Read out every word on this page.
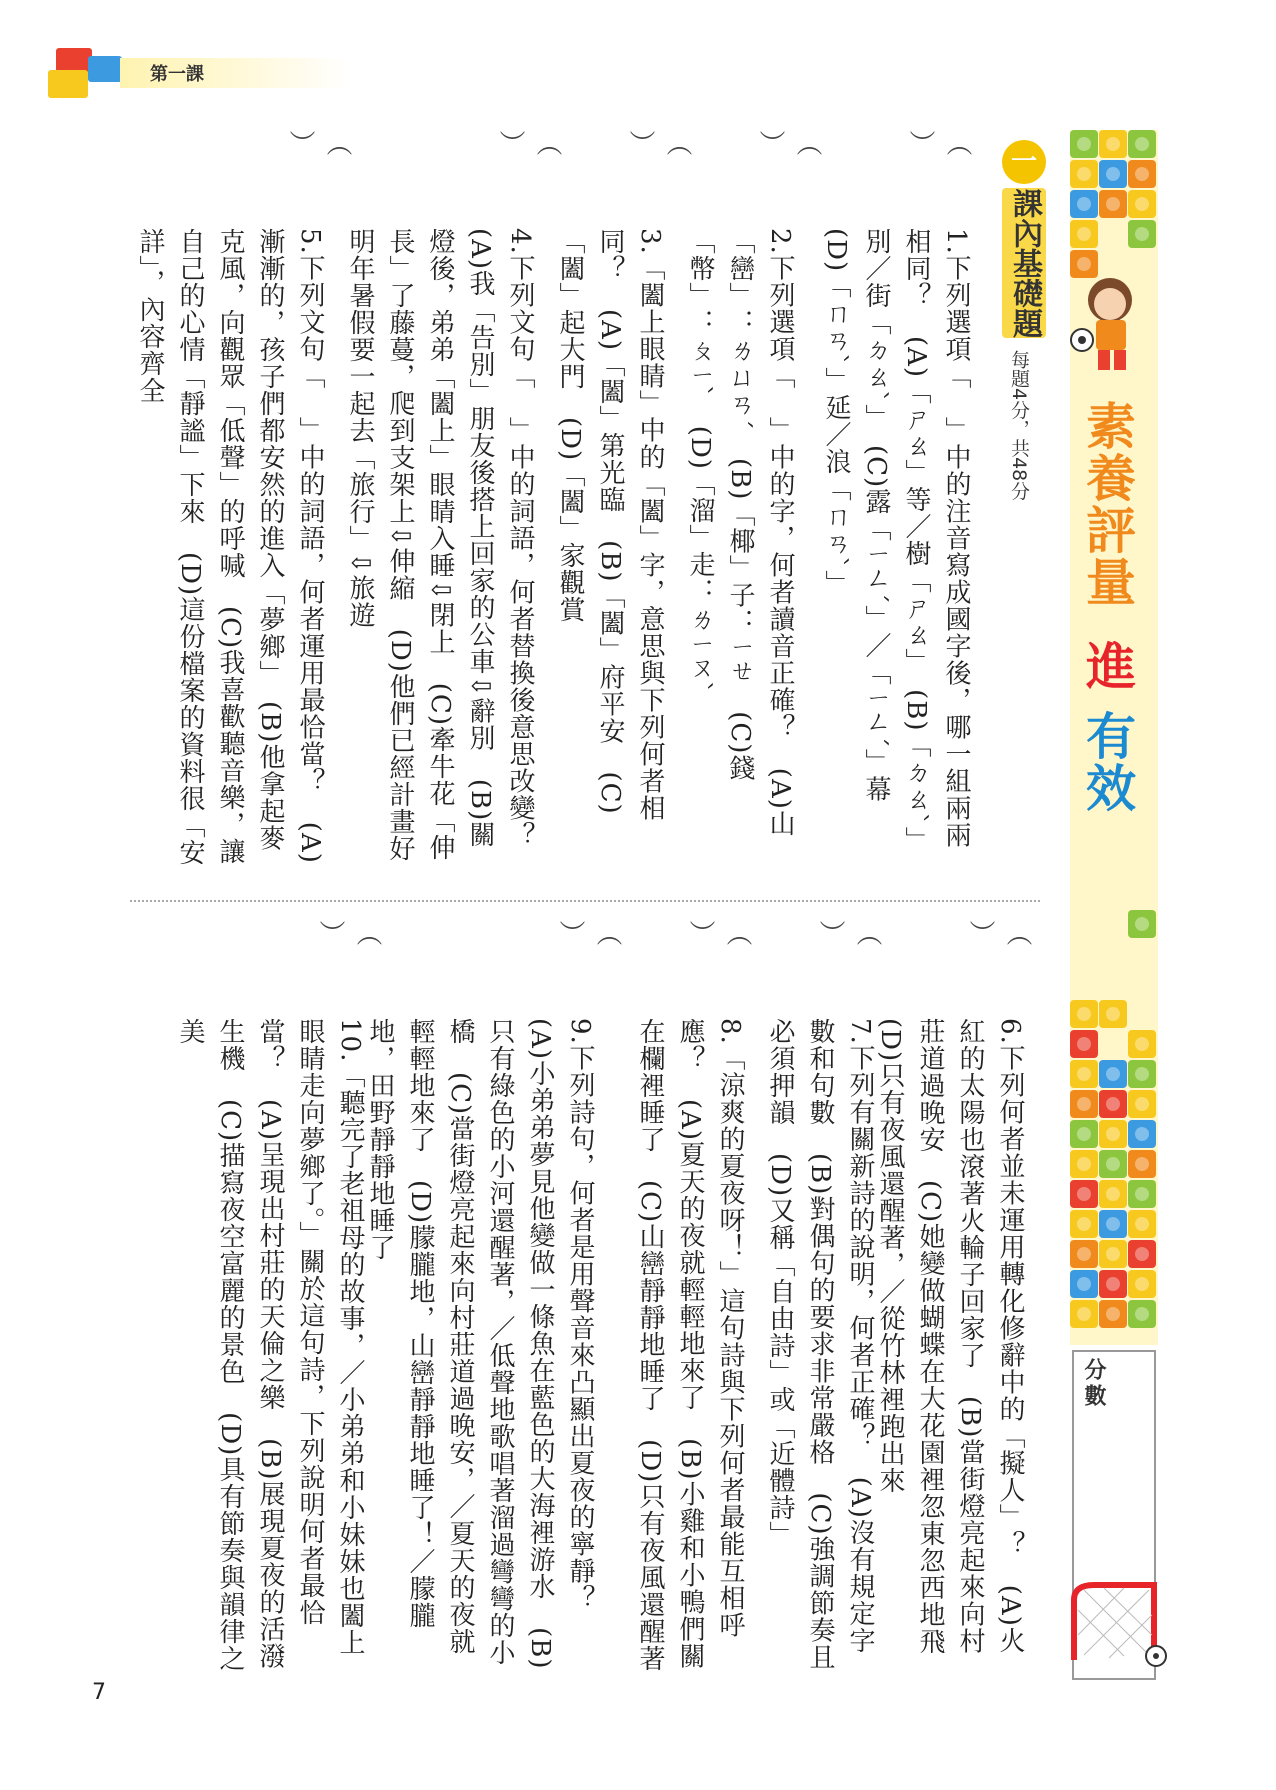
第一課
素養評量
進
有效
分數
一
課內基礎題
每題4分，共48分
︵
︶
︵
︶
︵
︶
︵
︶
︵
︶
1.下列選項「　」中的注音寫成國字後，哪一組兩兩相同？　(A)「ㄕㄠ」等／樹「ㄕㄠ」　(B)「ㄉㄠˋ」別／街「ㄉㄠˋ」　(C)露「ㄧㄥˊ」／「ㄧㄥˊ」幕　(D)「ㄇㄢˋ」延／浪「ㄇㄢˋ」
2.下列選項「　」中的字，何者讀音正確？　(A)山「巒」：ㄌㄩㄢˊ　(B)「椰」子：ㄧㄝ　(C)錢「幣」：ㄆㄧˋ　(D)「溜」走：ㄌㄧㄡˋ
3.「闔上眼睛」中的「闔」字，意思與下列何者相同？　(A)「闔」第光臨　(B)「闔」府平安　(C)「闔」起大門　(D)「闔」家觀賞
4.下列文句「　」中的詞語，何者替換後意思改變？　(A)我「告別」朋友後搭上回家的公車⇩辭別　(B)關燈後，弟弟「闔上」眼睛入睡⇩閉上　(C)牽牛花「伸長」了藤蔓，爬到支架上⇩伸縮　(D)他們已經計畫好明年暑假要一起去「旅行」⇩旅遊
5.下列文句「　」中的詞語，何者運用最恰當？　(A)漸漸的，孩子們都安然的進入「夢鄉」　(B)他拿起麥克風，向觀眾「低聲」的呼喊　(C)我喜歡聽音樂，讓自己的心情「靜謐」下來　(D)這份檔案的資料很「安詳」，內容齊全
︵
︶
︵
︶
︵
︶
︵
︶
︵
︶
6.下列何者並未運用轉化修辭中的「擬人」？　(A)火紅的太陽也滾著火輪子回家了　(B)當街燈亮起來向村莊道過晚安　(C)她變做蝴蝶在大花園裡忽東忽西地飛　(D)只有夜風還醒著，／從竹林裡跑出來
7.下列有關新詩的說明，何者正確？　(A)沒有規定字數和句數　(B)對偶句的要求非常嚴格　(C)強調節奏且必須押韻　(D)又稱「自由詩」或「近體詩」
8.「涼爽的夏夜呀！」這句詩與下列何者最能互相呼應？　(A)夏天的夜就輕輕地來了　(B)小雞和小鴨們關在欄裡睡了　(C)山巒靜靜地睡了　(D)只有夜風還醒著
9.下列詩句，何者是用聲音來凸顯出夏夜的寧靜？　(A)小弟弟夢見他變做一條魚在藍色的大海裡游水　(B)只有綠色的小河還醒著，／低聲地歌唱著溜過彎彎的小橋　(C)當街燈亮起來向村莊道過晚安，／夏天的夜就輕輕地來了　(D)朦朧地，山巒靜靜地睡了！／朦朧地，田野靜靜地睡了
10.「聽完了老祖母的故事，／小弟弟和小妹妹也闔上眼睛走向夢鄉了。」關於這句詩，下列說明何者最恰當？　(A)呈現出村莊的天倫之樂　(B)展現夏夜的活潑生機　(C)描寫夜空富麗的景色　(D)具有節奏與韻律之美
7
